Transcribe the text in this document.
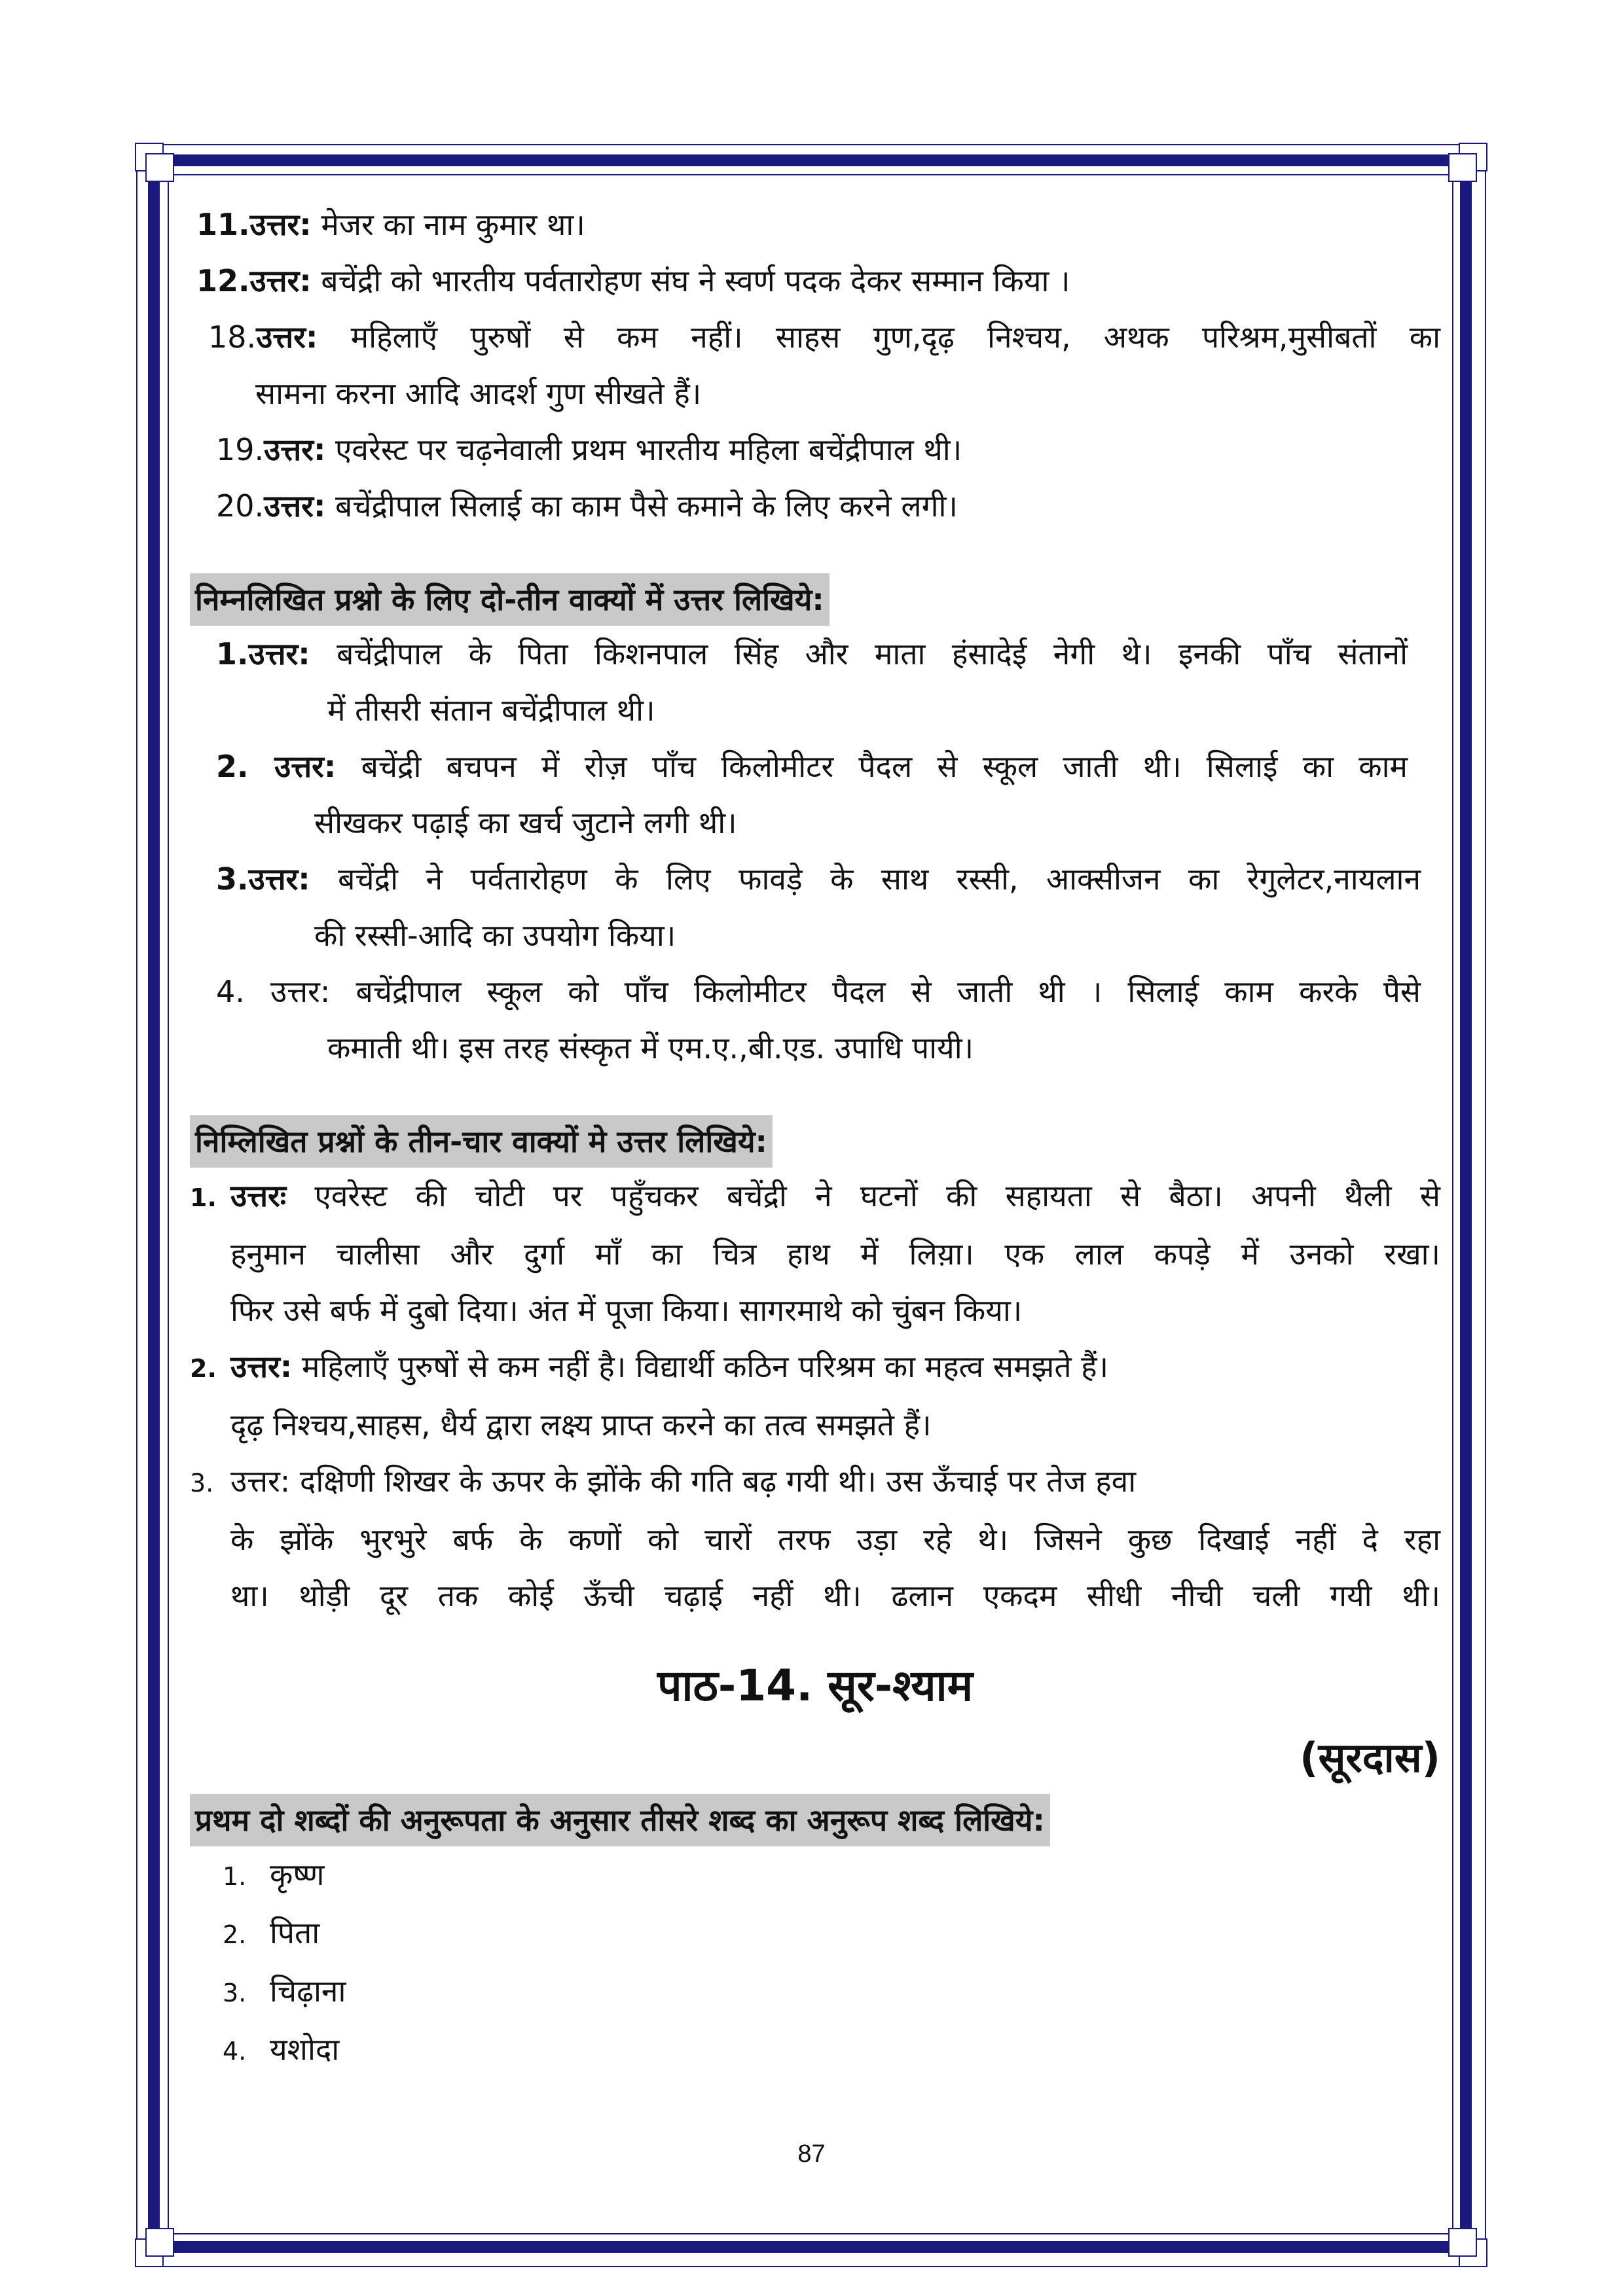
11.उत्तर: मेजर का नाम कुमार था।
12.उत्तर: बचेंद्री को भारतीय पर्वतारोहण संघ ने स्वर्ण पदक देकर सम्मान किया ।
18.उत्तर: महिलाएँ पुरुषों से कम नहीं। साहस गुण,दृढ़ निश्चय, अथक परिश्रम,मुसीबतों का
सामना करना आदि आदर्श गुण सीखते हैं।
19.उत्तर: एवरेस्ट पर चढ़नेवाली प्रथम भारतीय महिला बचेंद्रीपाल थी।
20.उत्तर: बचेंद्रीपाल सिलाई का काम पैसे कमाने के लिए करने लगी।
निम्नलिखित प्रश्नो के लिए दो-तीन वाक्यों में उत्तर लिखिये:
1.उत्तर: बचेंद्रीपाल के पिता किशनपाल सिंह और माता हंसादेई नेगी थे। इनकी पाँच संतानों
में तीसरी संतान बचेंद्रीपाल थी।
2. उत्तर: बचेंद्री बचपन में रोज़ पाँच किलोमीटर पैदल से स्कूल जाती थी। सिलाई का काम
सीखकर पढ़ाई का खर्च जुटाने लगी थी।
3.उत्तर: बचेंद्री ने पर्वतारोहण के लिए फावड़े के साथ रस्सी, आक्सीजन का रेगुलेटर,नायलान
की रस्सी-आदि का उपयोग किया।
4. उत्तर: बचेंद्रीपाल स्कूल को पाँच किलोमीटर पैदल से जाती थी । सिलाई काम करके पैसे
कमाती थी। इस तरह संस्कृत में एम.ए.,बी.एड. उपाधि पायी।
निम्लिखित प्रश्नों के तीन-चार वाक्यों मे उत्तर लिखिये:
1. उत्तरः एवरेस्ट की चोटी पर पहुँचकर बचेंद्री ने घटनों की सहायता से बैठा। अपनी थैली से
हनुमान चालीसा और दुर्गा माँ का चित्र हाथ में लिय़ा। एक लाल कपड़े में उनको रखा।
फिर उसे बर्फ में दुबो दिया। अंत में पूजा किया। सागरमाथे को चुंबन किया।
2. उत्तर: महिलाएँ पुरुषों से कम नहीं है। विद्यार्थी कठिन परिश्रम का महत्व समझते हैं।
दृढ़ निश्चय,साहस, धैर्य द्वारा लक्ष्य प्राप्त करने का तत्व समझते हैं।
3. उत्तर: दक्षिणी शिखर के ऊपर के झोंके की गति बढ़ गयी थी। उस ऊँचाई पर तेज हवा
के झोंके भुरभुरे बर्फ के कणों को चारों तरफ उड़ा रहे थे। जिसने कुछ दिखाई नहीं दे रहा
था। थोड़ी दूर तक कोई ऊँची चढ़ाई नहीं थी। ढलान एकदम सीधी नीची चली गयी थी।
पाठ-14. सूर-श्याम
(सूरदास)
प्रथम दो शब्दों की अनुरूपता के अनुसार तीसरे शब्द का अनुरूप शब्द लिखिये:
1. कृष्ण
2. पिता
3. चिढ़ाना
4. यशोदा
87
